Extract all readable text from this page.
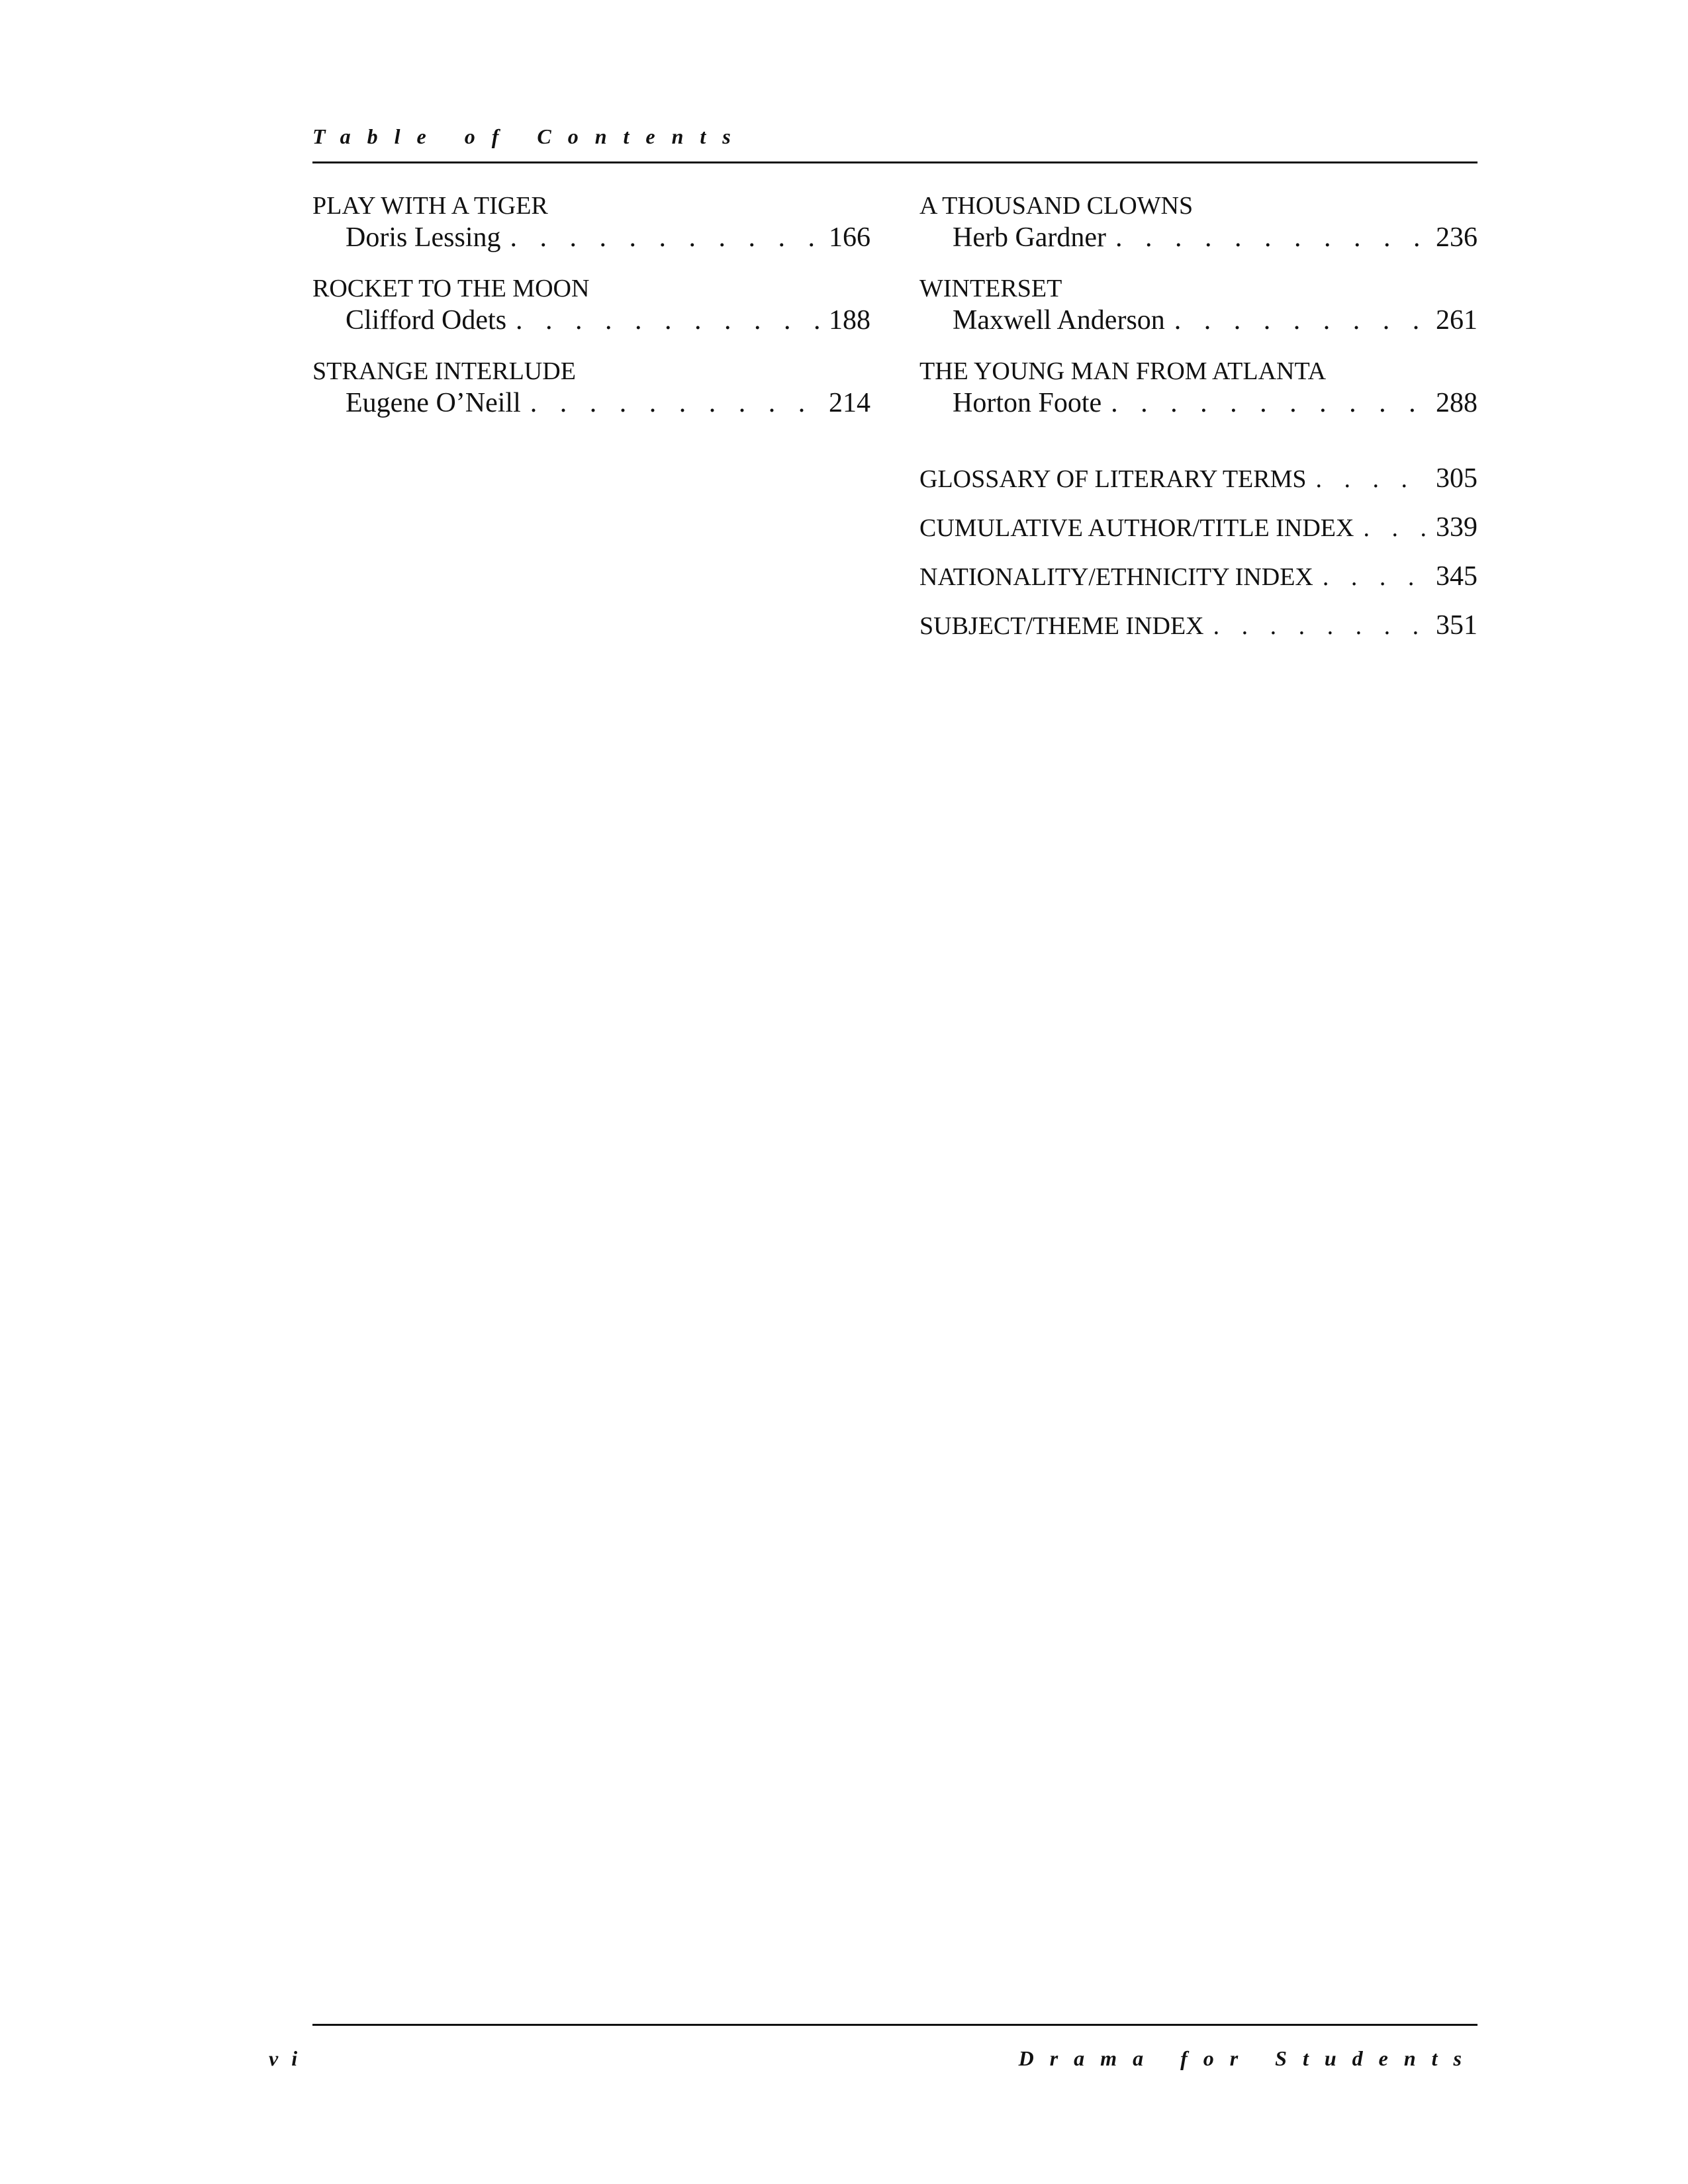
Table of Contents
PLAY WITH A TIGER
Doris Lessing . . .	166
ROCKET TO THE MOON
Clifford Odets . . .	188
STRANGE INTERLUDE
Eugene O’Neill . . .	214
A THOUSAND CLOWNS
Herb Gardner . . .	236
WINTERSET
Maxwell Anderson . . .	261
THE YOUNG MAN FROM ATLANTA
Horton Foote . . .	288
GLOSSARY OF LITERARY TERMS . . .	305
CUMULATIVE AUTHOR/TITLE INDEX . . .	339
NATIONALITY/ETHNICITY INDEX . . .	345
SUBJECT/THEME INDEX . . .	351
vi	Drama for Students
